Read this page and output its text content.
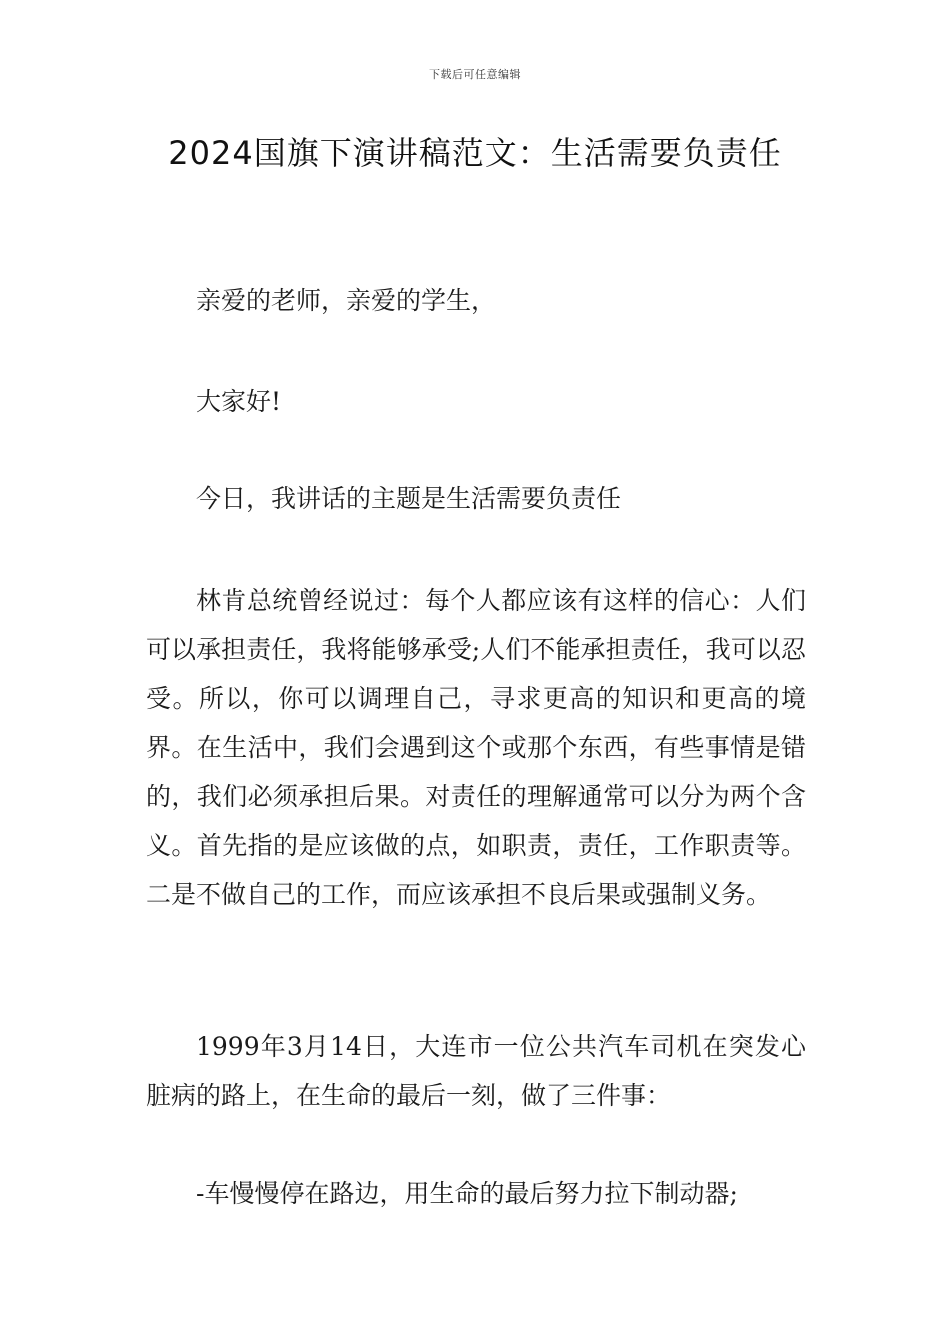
下载后可任意编辑
2024国旗下演讲稿范文：生活需要负责任

亲爱的老师，亲爱的学生，

大家好!

今日，我讲话的主题是生活需要负责任

林肯总统曾经说过：每个人都应该有这样的信心：人们可以承担责任，我将能够承受;人们不能承担责任，我可以忍受。所以，你可以调理自己，寻求更高的知识和更高的境界。在生活中，我们会遇到这个或那个东西，有些事情是错的，我们必须承担后果。对责任的理解通常可以分为两个含义。首先指的是应该做的点，如职责，责任，工作职责等。二是不做自己的工作，而应该承担不良后果或强制义务。

1999年3月14日，大连市一位公共汽车司机在突发心脏病的路上，在生命的最后一刻，做了三件事：

-车慢慢停在路边，用生命的最后努力拉下制动器;
